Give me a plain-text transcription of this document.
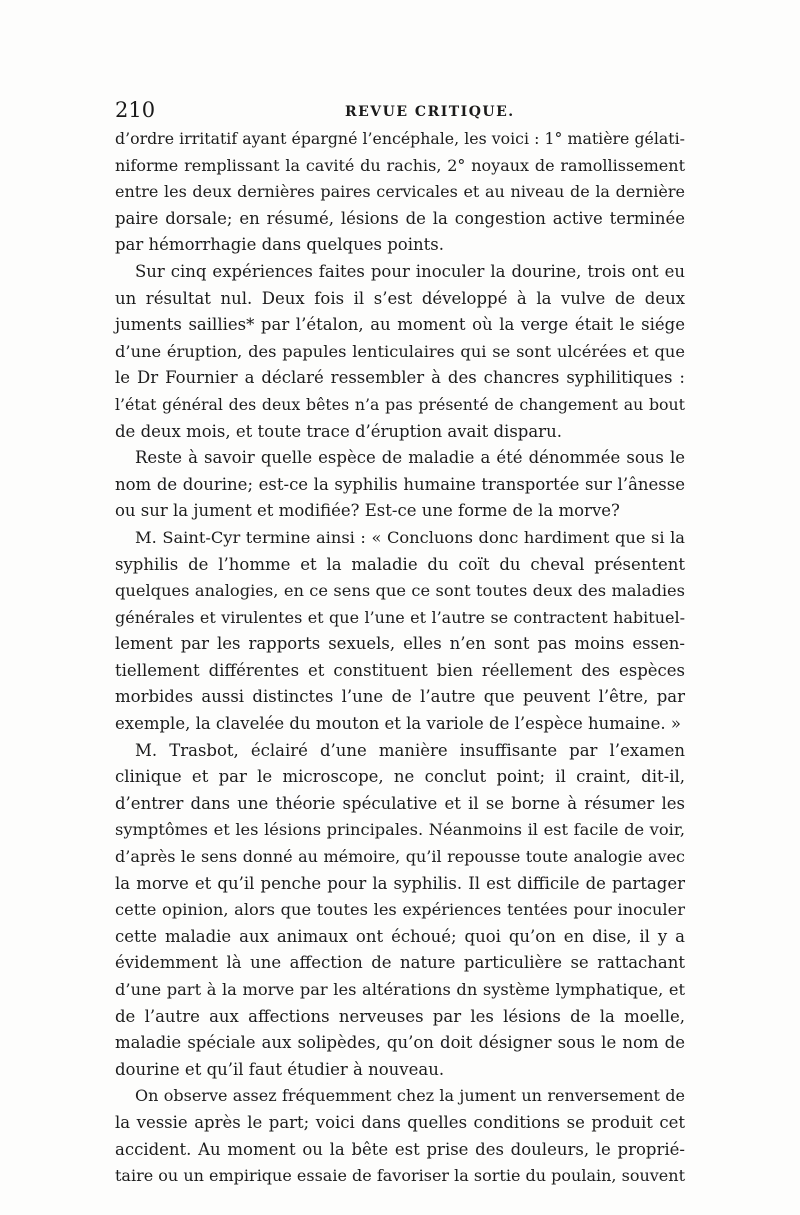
210	REVUE CRITIQUE.
d’ordre irritatif ayant épargné l’encéphale, les voici : 1° matière gélati-
niforme remplissant la cavité du rachis, 2° noyaux de ramollissement
entre les deux dernières paires cervicales et au niveau de la dernière
paire dorsale; en résumé, lésions de la congestion active terminée
par hémorrhagie dans quelques points.
Sur cinq expériences faites pour inoculer la dourine, trois ont eu
un résultat nul. Deux fois il s’est développé à la vulve de deux
juments saillies* par l’étalon, au moment où la verge était le siége
d’une éruption, des papules lenticulaires qui se sont ulcérées et que
le Dr Fournier a déclaré ressembler à des chancres syphilitiques :
l’état général des deux bêtes n’a pas présenté de changement au bout
de deux mois, et toute trace d’éruption avait disparu.
Reste à savoir quelle espèce de maladie a été dénommée sous le
nom de dourine; est-ce la syphilis humaine transportée sur l’ânesse
ou sur la jument et modifiée? Est-ce une forme de la morve?
M. Saint-Cyr termine ainsi : « Concluons donc hardiment que si la
syphilis de l’homme et la maladie du coït du cheval présentent
quelques analogies, en ce sens que ce sont toutes deux des maladies
générales et virulentes et que l’une et l’autre se contractent habituel-
lement par les rapports sexuels, elles n’en sont pas moins essen-
tiellement différentes et constituent bien réellement des espèces
morbides aussi distinctes l’une de l’autre que peuvent l’être, par
exemple, la clavelée du mouton et la variole de l’espèce humaine. »
M. Trasbot, éclairé d’une manière insuffisante par l’examen
clinique et par le microscope, ne conclut point; il craint, dit-il,
d’entrer dans une théorie spéculative et il se borne à résumer les
symptômes et les lésions principales. Néanmoins il est facile de voir,
d’après le sens donné au mémoire, qu’il repousse toute analogie avec
la morve et qu’il penche pour la syphilis. Il est difficile de partager
cette opinion, alors que toutes les expériences tentées pour inoculer
cette maladie aux animaux ont échoué; quoi qu’on en dise, il y a
évidemment là une affection de nature particulière se rattachant
d’une part à la morve par les altérations dn système lymphatique, et
de l’autre aux affections nerveuses par les lésions de la moelle,
maladie spéciale aux solipèdes, qu’on doit désigner sous le nom de
dourine et qu’il faut étudier à nouveau.
On observe assez fréquemment chez la jument un renversement de
la vessie après le part; voici dans quelles conditions se produit cet
accident. Au moment ou la bête est prise des douleurs, le proprié-
taire ou un empirique essaie de favoriser la sortie du poulain, souvent
